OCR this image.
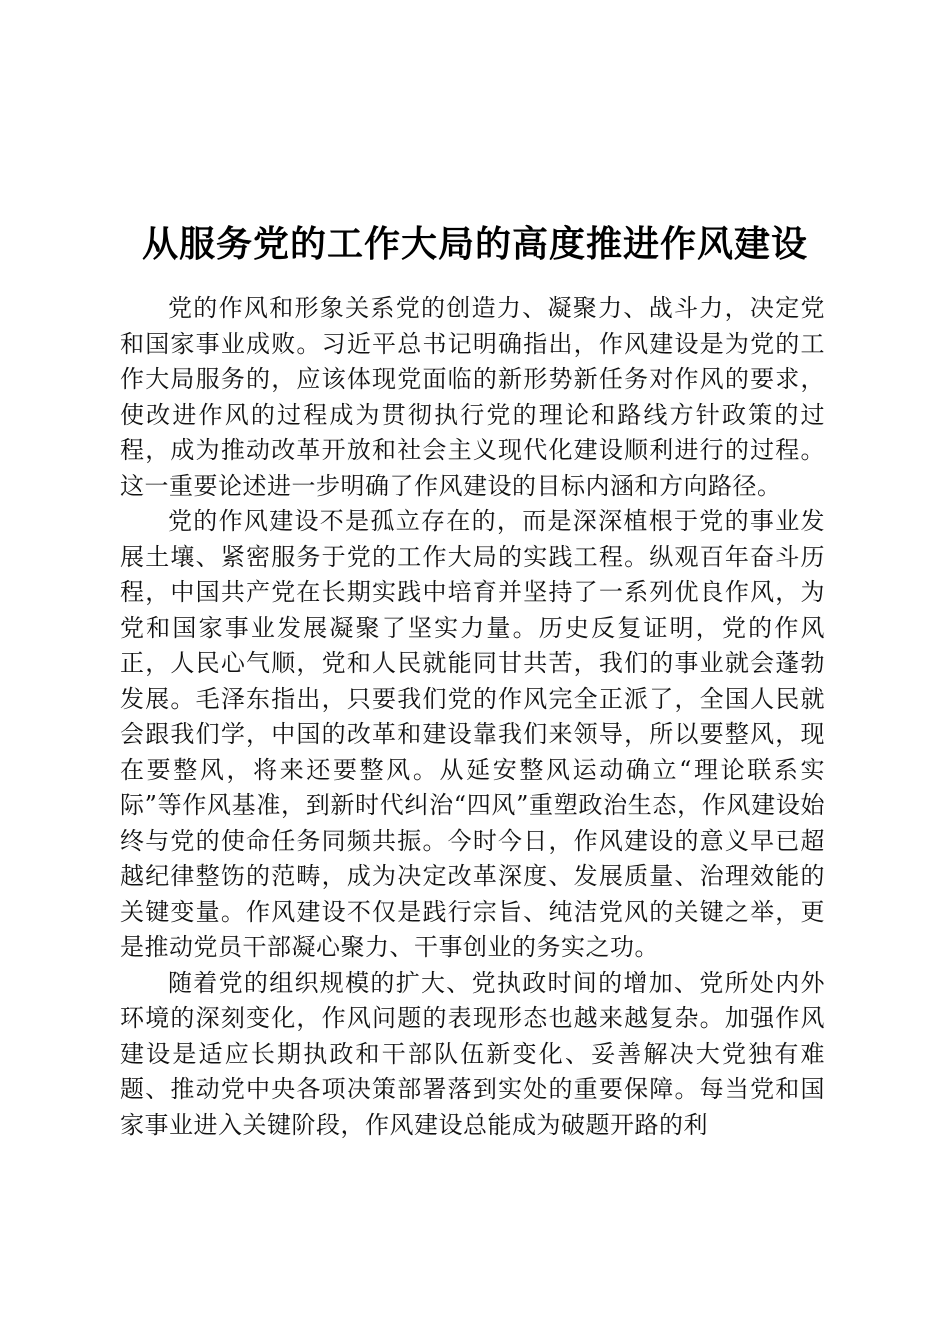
从服务党的工作大局的高度推进作风建设

党的作风和形象关系党的创造力、凝聚力、战斗力，决定党和国家事业成败。习近平总书记明确指出，作风建设是为党的工作大局服务的，应该体现党面临的新形势新任务对作风的要求，使改进作风的过程成为贯彻执行党的理论和路线方针政策的过程，成为推动改革开放和社会主义现代化建设顺利进行的过程。这一重要论述进一步明确了作风建设的目标内涵和方向路径。

党的作风建设不是孤立存在的，而是深深植根于党的事业发展土壤、紧密服务于党的工作大局的实践工程。纵观百年奋斗历程，中国共产党在长期实践中培育并坚持了一系列优良作风，为党和国家事业发展凝聚了坚实力量。历史反复证明，党的作风正，人民心气顺，党和人民就能同甘共苦，我们的事业就会蓬勃发展。毛泽东指出，只要我们党的作风完全正派了，全国人民就会跟我们学，中国的改革和建设靠我们来领导，所以要整风，现在要整风，将来还要整风。从延安整风运动确立“理论联系实际”等作风基准，到新时代纠治“四风”重塑政治生态，作风建设始终与党的使命任务同频共振。今时今日，作风建设的意义早已超越纪律整饬的范畴，成为决定改革深度、发展质量、治理效能的关键变量。作风建设不仅是践行宗旨、纯洁党风的关键之举，更是推动党员干部凝心聚力、干事创业的务实之功。

随着党的组织规模的扩大、党执政时间的增加、党所处内外环境的深刻变化，作风问题的表现形态也越来越复杂。加强作风建设是适应长期执政和干部队伍新变化、妥善解决大党独有难题、推动党中央各项决策部署落到实处的重要保障。每当党和国家事业进入关键阶段，作风建设总能成为破题开路的利
